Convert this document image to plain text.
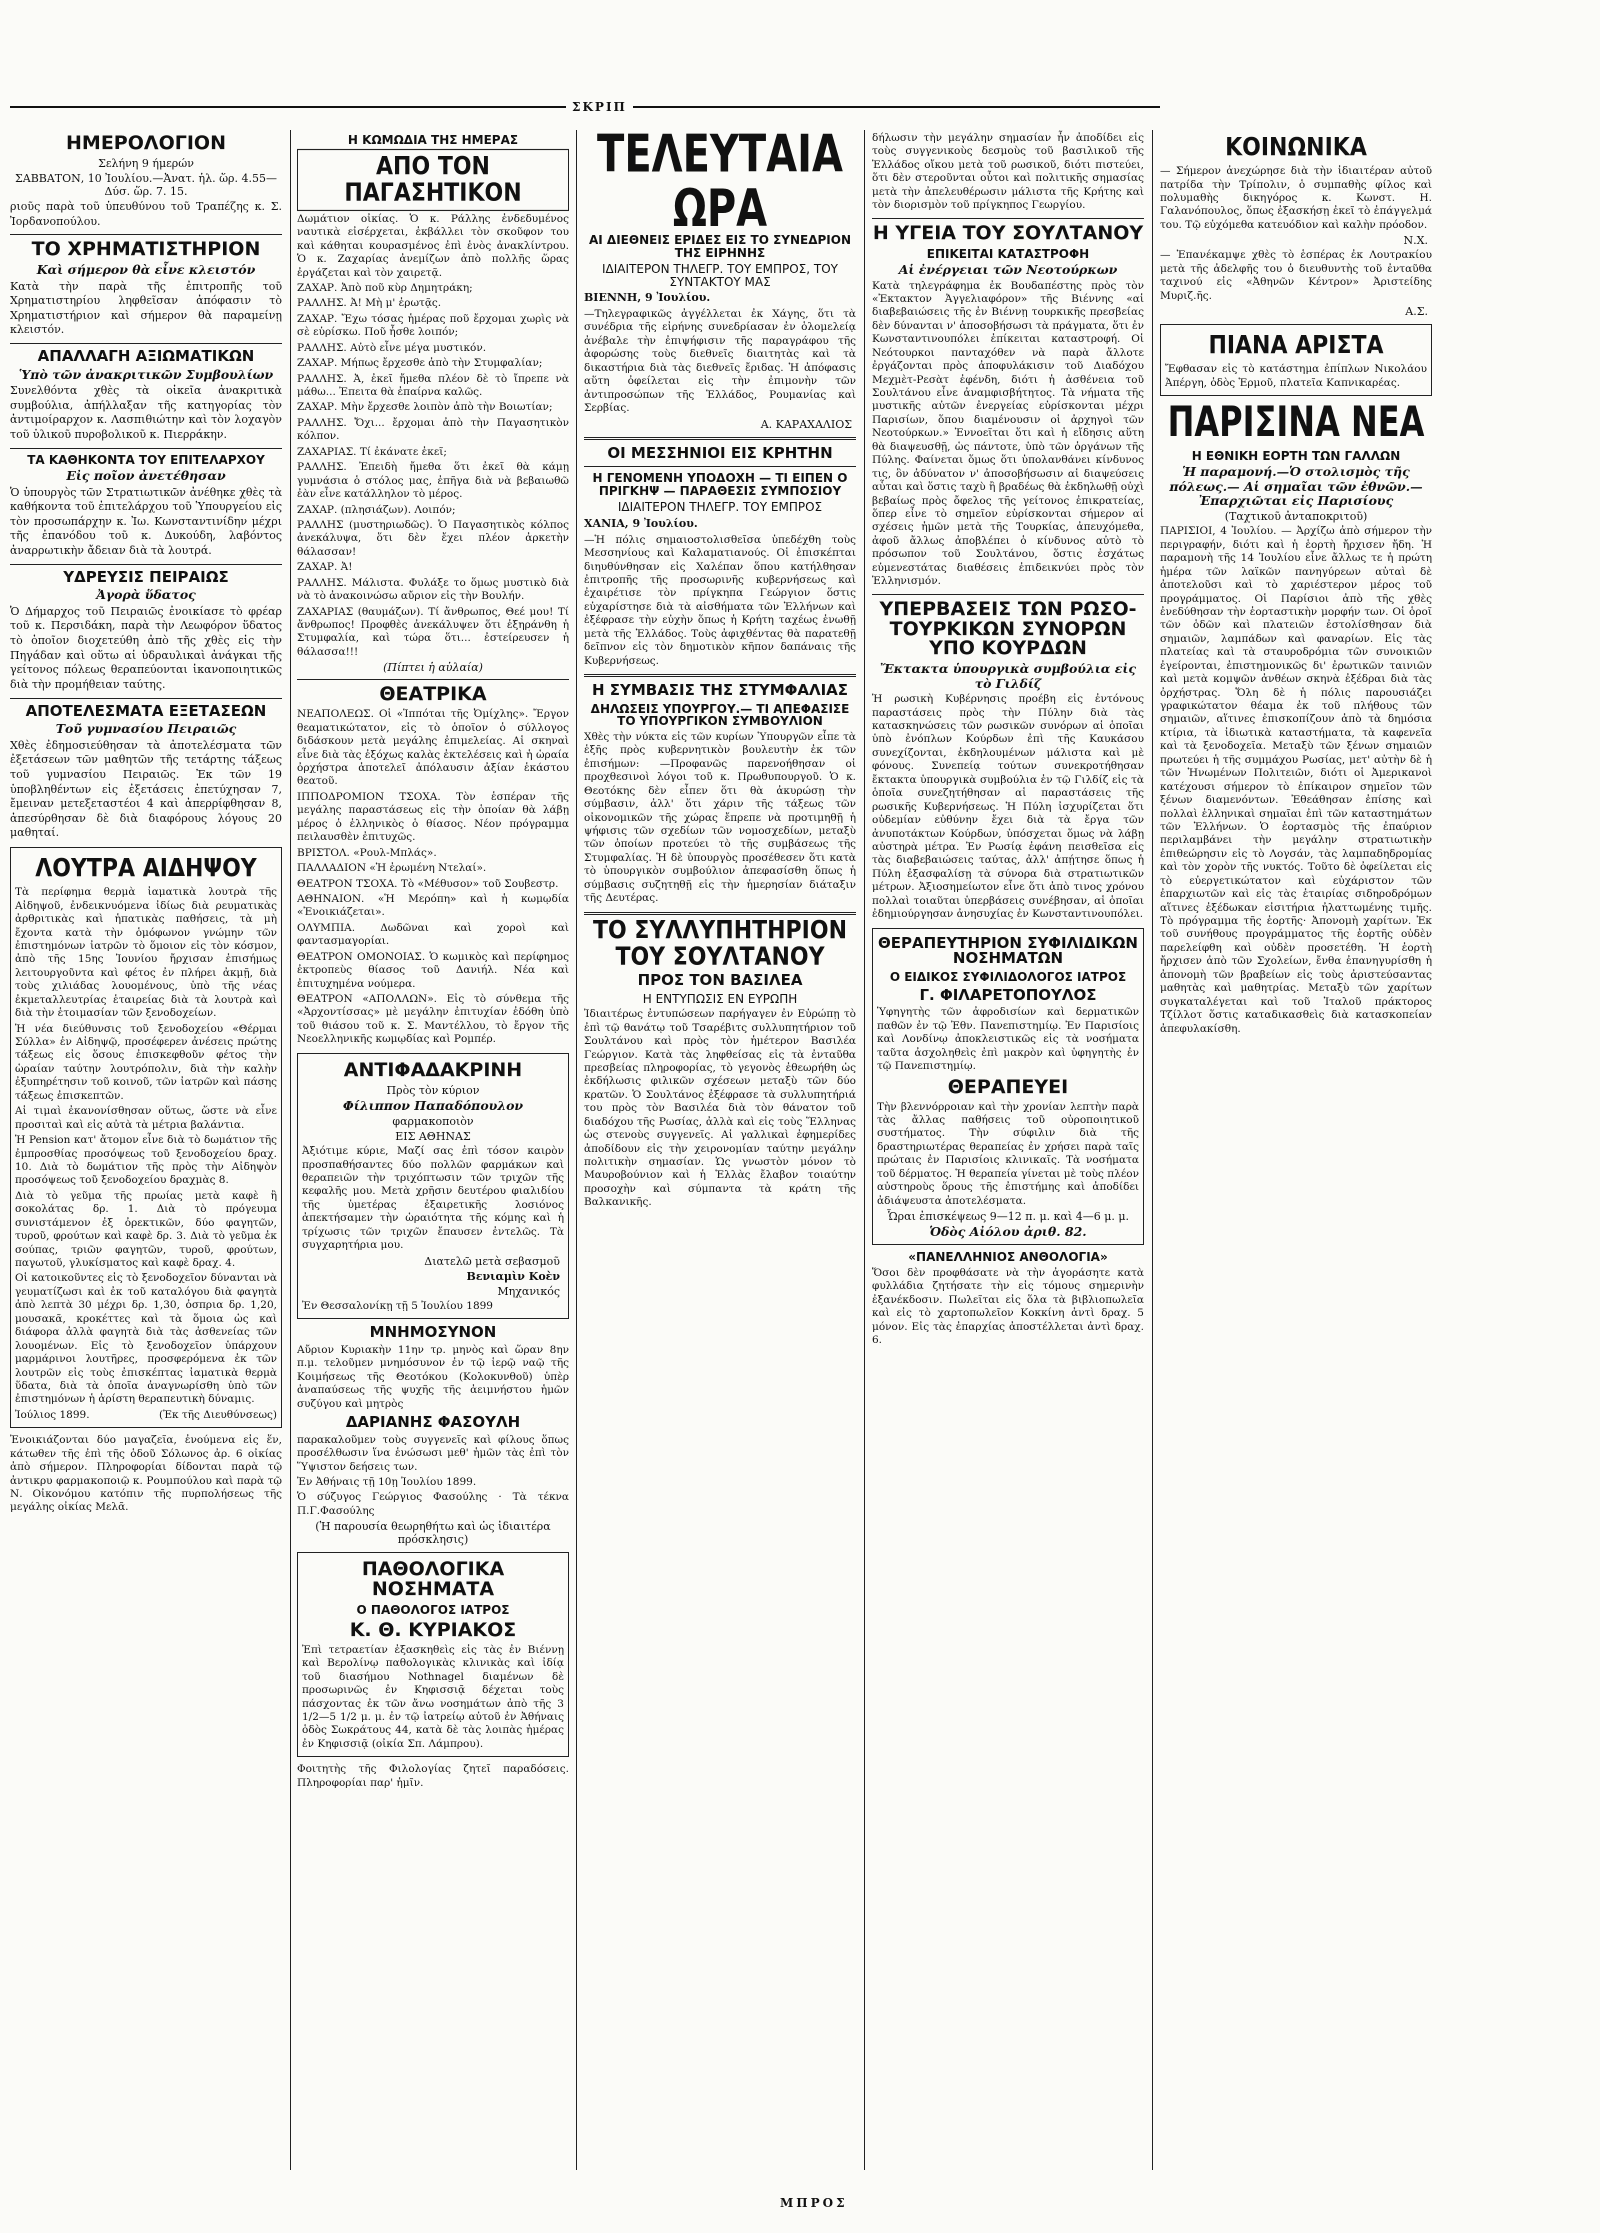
ΣΚΡΙΠ
ΗΜΕΡΟΛΟΓΙΟΝ
Σελήνη 9 ήμερών
ΣΑΒΒΑΤΟΝ, 10 Ἰουλίου.—Ἀνατ. ἡλ. ὥρ. 4.55—Δύσ. ὥρ. 7. 15.
ριοῦς παρὰ τοῦ ὑπευθύνου τοῦ Τραπέζης κ. Σ. Ἰορδανοπούλου.
ΤΟ ΧΡΗΜΑΤΙΣΤΗΡΙΟΝ
Καὶ σήμερον θὰ εἶνε κλειστόν
Κατὰ τὴν παρὰ τῆς ἐπιτροπῆς τοῦ Χρηματιστηρίου ληφθεῖσαν ἀπόφασιν τὸ Χρηματιστήριον καὶ σήμερον θὰ παραμείνῃ κλειστόν.
ΑΠΑΛΛΑΓΗ ΑΞΙΩΜΑΤΙΚΩΝ
Ὑπὸ τῶν ἀνακριτικῶν Συμβουλίων
Συνελθόντα χθὲς τὰ οἰκεῖα ἀνακριτικὰ συμβούλια, ἀπήλλαξαν τῆς κατηγορίας τὸν ἀντιμοίραρχον κ. Λασπιθιώτην καὶ τὸν λοχαγὸν τοῦ ὑλικοῦ πυροβολικοῦ κ. Πιερράκην.
ΤΑ ΚΑΘΗΚΟΝΤΑ ΤΟΥ ΕΠΙΤΕΛΑΡΧΟΥ
Εἰς ποῖον ἀνετέθησαν
Ὁ ὑπουργὸς τῶν Στρατιωτικῶν ἀνέθηκε χθὲς τὰ καθήκοντα τοῦ ἐπιτελάρχου τοῦ Ὑπουργείου εἰς τὸν προσωπάρχην κ. Ἰω. Κωνσταντινίδην μέχρι τῆς ἐπανόδου τοῦ κ. Δυκούδη, λαβόντος ἀναρρωτικὴν ἄδειαν διὰ τὰ λουτρά.
ΥΔΡΕΥΣΙΣ ΠΕΙΡΑΙΩΣ
Ἀγορὰ ὕδατος
Ὁ Δήμαρχος τοῦ Πειραιῶς ἐνοικίασε τὸ φρέαρ τοῦ κ. Περσιδάκη, παρὰ τὴν Λεωφόρον ὕδατος τὸ ὁποῖον διοχετεύθη ἀπὸ τῆς χθὲς εἰς τὴν Πηγάδαν καὶ οὕτω αἱ ὑδραυλικαὶ ἀνάγκαι τῆς γείτονος πόλεως θεραπεύονται ἱκανοποιητικῶς διὰ τὴν προμήθειαν ταύτης.
ΑΠΟΤΕΛΕΣΜΑΤΑ ΕΞΕΤΑΣΕΩΝ
Τοῦ γυμνασίου Πειραιῶς
Χθὲς ἐδημοσιεύθησαν τὰ ἀποτελέσματα τῶν ἐξετάσεων τῶν μαθητῶν τῆς τετάρτης τάξεως τοῦ γυμνασίου Πειραιῶς. Ἐκ τῶν 19 ὑποβληθέντων εἰς ἐξετάσεις ἐπετύχησαν 7, ἔμειναν μετεξεταστέοι 4 καὶ ἀπερρίφθησαν 8, ἀπεσύρθησαν δὲ διὰ διαφόρους λόγους 20 μαθηταί.
ΛΟΥΤΡΑ ΑΙΔΗΨΟΥ
Τὰ περίφημα θερμὰ ἰαματικὰ λουτρὰ τῆς Αἰδηψοῦ, ἐνδεικνυόμενα ἰδίως διὰ ρευματικὰς ἀρθριτικὰς καὶ ἡπατικὰς παθήσεις, τὰ μὴ ἔχοντα κατὰ τὴν ὁμόφωνον γνώμην τῶν ἐπιστημόνων ἰατρῶν τὸ ὅμοιον εἰς τὸν κόσμον, ἀπὸ τῆς 15ης Ἰουνίου ἤρχισαν ἐπισήμως λειτουργοῦντα καὶ φέτος ἐν πλήρει ἀκμῇ, διὰ τοὺς χιλιάδας λουομένους, ὑπὸ τῆς νέας ἐκμεταλλευτρίας ἑταιρείας διὰ τὰ λουτρὰ καὶ διὰ τὴν ἑτοιμασίαν τῶν ξενοδοχείων.
Ἡ νέα διεύθυνσις τοῦ ξενοδοχείου «Θέρμαι Σύλλα» ἐν Αἰδηψῷ, προσέφερεν ἀνέσεις πρώτης τάξεως εἰς ὅσους ἐπισκεφθοῦν φέτος τὴν ὡραίαν ταύτην λουτρόπολιν, διὰ τὴν καλὴν ἐξυπηρέτησιν τοῦ κοινοῦ, τῶν ἰατρῶν καὶ πάσης τάξεως ἐπισκεπτῶν.
Αἱ τιμαὶ ἐκανονίσθησαν οὕτως, ὥστε νὰ εἶνε προσιταὶ καὶ εἰς αὐτὰ τὰ μέτρια βαλάντια.
Ἡ Pension κατ' ἄτομον εἶνε διὰ τὸ δωμάτιον τῆς ἐμπροσθίας προσόψεως τοῦ ξενοδοχείου δραχ. 10. Διὰ τὸ δωμάτιον τῆς πρὸς τὴν Αἰδηψὸν προσόψεως τοῦ ξενοδοχείου δραχμὰς 8.
Διὰ τὸ γεῦμα τῆς πρωίας μετὰ καφὲ ἢ σοκολάτας δρ. 1. Διὰ τὸ πρόγευμα συνιστάμενον ἐξ ὀρεκτικῶν, δύο φαγητῶν, τυροῦ, φρούτων καὶ καφὲ δρ. 3. Διὰ τὸ γεῦμα ἐκ σούπας, τριῶν φαγητῶν, τυροῦ, φρούτων, παγωτοῦ, γλυκίσματος καὶ καφὲ δραχ. 4.
Οἱ κατοικοῦντες εἰς τὸ ξενοδοχεῖον δύνανται νὰ γευματίζωσι καὶ ἐκ τοῦ καταλόγου διὰ φαγητὰ ἀπὸ λεπτὰ 30 μέχρι δρ. 1,30, ὀσπρια δρ. 1,20, μουσακᾶ, κροκέττες καὶ τὰ ὅμοια ὡς καὶ διάφορα ἀλλὰ φαγητὰ διὰ τὰς ἀσθενείας τῶν λουομένων. Εἰς τὸ ξενοδοχεῖον ὑπάρχουν μαρμάρινοι λουτῆρες, προσφερόμενα ἐκ τῶν λουτρῶν εἰς τοὺς ἐπισκέπτας ἰαματικὰ θερμὰ ὕδατα, διὰ τὰ ὁποῖα ἀναγνωρίσθη ὑπὸ τῶν ἐπιστημόνων ἡ ἀρίστη θεραπευτικὴ δύναμις.
Ἰούλιος 1899.	(Ἐκ τῆς Διευθύνσεως)
Ἐνοικιάζονται δύο μαγαζεῖα, ἐνούμενα εἰς ἕν, κάτωθεν τῆς ἐπὶ τῆς ὁδοῦ Σόλωνος ἀρ. 6 οἰκίας ἀπὸ σήμερον. Πληροφορίαι δίδονται παρὰ τῷ ἀντικρυ φαρμακοποιῷ κ. Ρουμπούλου καὶ παρὰ τῷ Ν. Οἰκονόμου κατόπιν τῆς πυρπολήσεως τῆς μεγάλης οἰκίας Μελᾶ.
Η ΚΩΜΩΔΙΑ ΤΗΣ ΗΜΕΡΑΣ
ΑΠΟ ΤΟΝ ΠΑΓΑΣΗΤΙΚΟΝ
Δωμάτιον οἰκίας. Ὁ κ. Ράλλης ἐνδεδυμένος ναυτικὰ εἰσέρχεται, ἐκβάλλει τὸν σκοῦφον του καὶ κάθηται κουρασμένος ἐπὶ ἑνὸς ἀνακλίντρου. Ὁ κ. Ζαχαρίας ἀνεμίζων ἀπὸ πολλῆς ὥρας ἐργάζεται καὶ τὸν χαιρετᾷ.
ΖΑΧΑΡ. Ἀπὸ ποῦ κὺρ Δημητράκη;
ΡΑΛΛΗΣ. Ἀ! Μὴ μ' ἐρωτᾷς.
ΖΑΧΑΡ. Ἔχω τόσας ἡμέρας ποῦ ἔρχομαι χωρὶς νὰ σὲ εὑρίσκω. Ποῦ ἦσθε λοιπόν;
ΡΑΛΛΗΣ. Αὐτὸ εἶνε μέγα μυστικόν.
ΖΑΧΑΡ. Μήπως ἔρχεσθε ἀπὸ τὴν Στυμφαλίαν;
ΡΑΛΛΗΣ. Ἀ, ἐκεῖ ἤμεθα πλέον δὲ τὸ ἴπρεπε νὰ μάθω... Ἐπειτα θὰ ἐπαίρνα καλῶς.
ΖΑΧΑΡ. Μὴν ἔρχεσθε λοιπὸν ἀπὸ τὴν Βοιωτίαν;
ΡΑΛΛΗΣ. Ὄχι... ἔρχομαι ἀπὸ τὴν Παγασητικὸν κόλπον.
ΖΑΧΑΡΙΑΣ. Τί ἐκάνατε ἐκεῖ;
ΡΑΛΛΗΣ. Ἐπειδὴ ἤμεθα ὅτι ἐκεῖ θὰ κάμῃ γυμνάσια ὁ στόλος μας, ἐπῆγα διὰ νὰ βεβαιωθῶ ἐὰν εἶνε κατάλληλον τὸ μέρος.
ΖΑΧΑΡ. (πλησιάζων). Λοιπόν;
ΡΑΛΛΗΣ (μυστηριωδῶς). Ὁ Παγασητικὸς κόλπος ἀνεκάλυψα, ὅτι δὲν ἔχει πλέον ἀρκετὴν θάλασσαν!
ΖΑΧΑΡ. Ἀ!
ΡΑΛΛΗΣ. Μάλιστα. Φυλάξε το ὅμως μυστικὸ διὰ νὰ τὸ ἀνακοινώσω αὔριον εἰς τὴν Βουλήν.
ΖΑΧΑΡΙΑΣ (θαυμάζων). Τί ἄνθρωπος, Θεέ μου! Τί ἄνθρωπος! Προφθὲς ἀνεκάλυψεν ὅτι ἐξηράνθη ἡ Στυμφαλία, καὶ τώρα ὅτι... ἐστείρευσεν ἡ θάλασσα!!!
(Πίπτει ἡ αὐλαία)
ΘΕΑΤΡΙΚΑ
ΝΕΑΠΟΛΕΩΣ. Οἱ «Ἱππόται τῆς Ὀμίχλης». Ἔργον θεαματικώτατον, εἰς τὸ ὁποῖον ὁ σύλλογος διδάσκουν μετὰ μεγάλης ἐπιμελείας. Αἱ σκηναὶ εἶνε διὰ τὰς ἐξόχως καλὰς ἐκτελέσεις καὶ ἡ ὡραία ὀρχήστρα ἀποτελεῖ ἀπόλαυσιν ἀξίαν ἑκάστου θεατοῦ.
ΙΠΠΟΔΡΟΜΙΟΝ ΤΣΟΧΑ. Τὸν ἑσπέραν τῆς μεγάλης παραστάσεως εἰς τὴν ὁποίαν θὰ λάβῃ μέρος ὁ ἐλληνικὸς ὁ θίασος. Νέον πρόγραμμα πειλαυσθὲν ἐπιτυχῶς.
ΒΡΙΣΤΟΛ. «Ρουλ-Μπλάς».
ΠΑΛΛΑΔΙΟΝ «Ἡ ἐρωμένη Ντελαί».
ΘΕΑΤΡΟΝ ΤΣΟΧΑ. Τὸ «Μέθυσον» τοῦ Σουβεστρ.
ΑΘΗΝΑΙΟΝ. «Ἡ Μερόπη» καὶ ἡ κωμῳδία «Ἐνοικιάζεται».
ΟΛΥΜΠΙΑ. Δωδῶναι καὶ χοροὶ καὶ φαντασμαγορίαι.
ΘΕΑΤΡΟΝ ΟΜΟΝΟΙΑΣ. Ὁ κωμικὸς καὶ περίφημος ἐκτροπεὺς θίασος τοῦ Δανιήλ. Νέα καὶ ἐπιτυχημένα νούμερα.
ΘΕΑΤΡΟΝ «ΑΠΟΛΛΩΝ». Εἰς τὸ σύνθεμα τῆς «Ἀρχοντίσσας» μὲ μεγάλην ἐπιτυχίαν ἐδόθη ὑπὸ τοῦ θιάσου τοῦ κ. Σ. Μαντέλλου, τὸ ἔργον τῆς Νεοελληνικῆς κωμῳδίας καὶ Ρομπέρ.
ΑΝΤΙΦΑΔΑΚΡΙΝΗ
Πρὸς τὸν κύριον
Φίλιππον Παπαδόπουλον
φαρμακοποιὸν
ΕΙΣ ΑΘΗΝΑΣ
Ἀξιότιμε κύριε, Μαζί σας ἐπὶ τόσον καιρὸν προσπαθήσαντες δύο πολλῶν φαρμάκων καὶ θεραπειῶν τὴν τριχόπτωσιν τῶν τριχῶν τῆς κεφαλῆς μου. Μετὰ χρῆσιν δευτέρου φιαλιδίου τῆς ὑμετέρας ἐξαιρετικῆς λοσιόνος ἀπεκτήσαμεν τὴν ὡραιότητα τῆς κόμης καὶ ἡ τρίχωσις τῶν τριχῶν ἔπαυσεν ἐντελῶς. Τὰ συγχαρητήρια μου.
Διατελῶ μετὰ σεβασμοῦ
Βενιαμὶν Κοὲν
Μηχανικός
Ἐν Θεσσαλονίκῃ τῇ 5 Ἰουλίου 1899
ΜΝΗΜΟΣΥΝΟΝ
Αὔριον Κυριακὴν 11ην τρ. μηνὸς καὶ ὥραν 8ην π.μ. τελοῦμεν μνημόσυνον ἐν τῷ ἱερῷ ναῷ τῆς Κοιμήσεως τῆς Θεοτόκου (Κολοκυνθοῦ) ὑπὲρ ἀναπαύσεως τῆς ψυχῆς τῆς ἀειμνήστου ἡμῶν συζύγου καὶ μητρὸς
ΔΑΡΙΑΝΗΣ ΦΑΣΟΥΛΗ
παρακαλοῦμεν τοὺς συγγενεῖς καὶ φίλους ὅπως προσέλθωσιν ἵνα ἑνώσωσι μεθ' ἡμῶν τὰς ἐπὶ τὸν Ὕψιστον δεήσεις των.
Ἐν Ἀθήναις τῇ 10ῃ Ἰουλίου 1899.
Ὁ σύζυγος Γεώργιος Φασούλης · Τὰ τέκνα Π.Γ.Φασούλης
(Ἡ παρουσία θεωρηθήτω καὶ ὡς ἰδιαιτέρα πρόσκλησις)
ΠΑΘΟΛΟΓΙΚΑ ΝΟΣΗΜΑΤΑ
Ο ΠΑΘΟΛΟΓΟΣ ΙΑΤΡΟΣ
Κ. Θ. ΚΥΡΙΑΚΟΣ
Ἐπὶ τετραετίαν ἐξασκηθεὶς εἰς τὰς ἐν Βιέννῃ καὶ Βερολίνῳ παθολογικὰς κλινικὰς καὶ ἰδίᾳ τοῦ διασήμου Nothnagel διαμένων δὲ προσωρινῶς ἐν Κηφισσιᾷ δέχεται τοὺς πάσχοντας ἐκ τῶν ἄνω νοσημάτων ἀπὸ τῆς 3 1/2—5 1/2 μ. μ. ἐν τῷ ἰατρείῳ αὐτοῦ ἐν Ἀθήναις ὁδὸς Σωκράτους 44, κατὰ δὲ τὰς λοιπὰς ἡμέρας ἐν Κηφισσιᾷ (οἰκία Σπ. Λάμπρου).
Φοιτητὴς τῆς Φιλολογίας ζητεῖ παραδόσεις. Πληροφορίαι παρ' ἡμῖν.
ΤΕΛΕΥΤΑΙΑ ΩΡΑ
ΑΙ ΔΙΕΘΝΕΙΣ ΕΡΙΔΕΣ ΕΙΣ ΤΟ ΣΥΝΕΔΡΙΟΝ ΤΗΣ ΕΙΡΗΝΗΣ
ΙΔΙΑΙΤΕΡΟΝ ΤΗΛΕΓΡ. ΤΟΥ ΕΜΠΡΟΣ, ΤΟΥ ΣΥΝΤΑΚΤΟΥ ΜΑΣ
ΒΙΕΝΝΗ, 9 Ἰουλίου.
—Τηλεγραφικῶς ἀγγέλλεται ἐκ Χάγης, ὅτι τὰ συνέδρια τῆς εἰρήνης συνεδρίασαν ἐν ὁλομελείᾳ ἀνέβαλε τὴν ἐπιψήφισιν τῆς παραγράφου τῆς ἀφορώσης τοὺς διεθνεῖς διαιτητὰς καὶ τὰ δικαστήρια διὰ τὰς διεθνεῖς ἔριδας. Ἡ ἀπόφασις αὕτη ὀφείλεται εἰς τὴν ἐπιμονὴν τῶν ἀντιπροσώπων τῆς Ἑλλάδος, Ρουμανίας καὶ Σερβίας.
Α. ΚΑΡΑΧΑΛΙΟΣ
ΟΙ ΜΕΣΣΗΝΙΟΙ ΕΙΣ ΚΡΗΤΗΝ
Η ΓΕΝΟΜΕΝΗ ΥΠΟΔΟΧΗ — ΤΙ ΕΙΠΕΝ Ο ΠΡΙΓΚΗΨ — ΠΑΡΑΘΕΣΙΣ ΣΥΜΠΟΣΙΟΥ
ΙΔΙΑΙΤΕΡΟΝ ΤΗΛΕΓΡ. ΤΟΥ ΕΜΠΡΟΣ
ΧΑΝΙΑ, 9 Ἰουλίου.
—Ἡ πόλις σημαιοστολισθεῖσα ὑπεδέχθη τοὺς Μεσσηνίους καὶ Καλαματιανούς. Οἱ ἐπισκέπται διηυθύνθησαν εἰς Χαλέπαν ὅπου κατήλθησαν ἐπιτροπῆς τῆς προσωρινῆς κυβερνήσεως καὶ ἐχαιρέτισε τὸν πρίγκηπα Γεώργιον ὅστις εὐχαρίστησε διὰ τὰ αἰσθήματα τῶν Ἑλλήνων καὶ ἐξέφρασε τὴν εὐχὴν ὅπως ἡ Κρήτη ταχέως ἑνωθῇ μετὰ τῆς Ἑλλάδος. Τοὺς ἀφιχθέντας θὰ παρατεθῇ δεῖπνον εἰς τὸν δημοτικὸν κῆπον δαπάναις τῆς Κυβερνήσεως.
Η ΣΥΜΒΑΣΙΣ ΤΗΣ ΣΤΥΜΦΑΛΙΑΣ
ΔΗΛΩΣΕΙΣ ΥΠΟΥΡΓΟΥ.— ΤΙ ΑΠΕΦΑΣΙΣΕ ΤΟ ΥΠΟΥΡΓΙΚΟΝ ΣΥΜΒΟΥΛΙΟΝ
Χθὲς τὴν νύκτα εἰς τῶν κυρίων Ὑπουργῶν εἶπε τὰ ἑξῆς πρὸς κυβερνητικὸν βουλευτὴν ἐκ τῶν ἐπισήμων: —Προφανῶς παρενοήθησαν οἱ προχθεσινοὶ λόγοι τοῦ κ. Πρωθυπουργοῦ. Ὁ κ. Θεοτόκης δὲν εἶπεν ὅτι θὰ ἀκυρώσῃ τὴν σύμβασιν, ἀλλ' ὅτι χάριν τῆς τάξεως τῶν οἰκονομικῶν τῆς χώρας ἔπρεπε νὰ προτιμηθῇ ἡ ψήφισις τῶν σχεδίων τῶν νομοσχεδίων, μεταξὺ τῶν ὁποίων προτεύει τὸ τῆς συμβάσεως τῆς Στυμφαλίας. Ἡ δὲ ὑπουργὸς προσέθεσεν ὅτι κατὰ τὸ ὑπουργικὸν συμβούλιον ἀπεφασίσθη ὅπως ἡ σύμβασις συζητηθῇ εἰς τὴν ἡμερησίαν διάταξιν τῆς Δευτέρας.
ΤΟ ΣΥΛΛΥΠΗΤΗΡΙΟΝ ΤΟΥ ΣΟΥΛΤΑΝΟΥ
ΠΡΟΣ ΤΟΝ ΒΑΣΙΛΕΑ
Η ΕΝΤΥΠΩΣΙΣ ΕΝ ΕΥΡΩΠΗ
Ἰδιαιτέρως ἐντυπώσεων παρήγαγεν ἐν Εὐρώπῃ τὸ ἐπὶ τῷ θανάτῳ τοῦ Τσαρέβιτς συλλυπητήριον τοῦ Σουλτάνου καὶ πρὸς τὸν ἡμέτερον Βασιλέα Γεώργιον. Κατὰ τὰς ληφθείσας εἰς τὰ ἐνταῦθα πρεσβείας πληροφορίας, τὸ γεγονὸς ἐθεωρήθη ὡς ἐκδήλωσις φιλικῶν σχέσεων μεταξὺ τῶν δύο κρατῶν. Ὁ Σουλτάνος ἐξέφρασε τὰ συλλυπητήριά του πρὸς τὸν Βασιλέα διὰ τὸν θάνατον τοῦ διαδόχου τῆς Ρωσίας, ἀλλὰ καὶ εἰς τοὺς Ἕλληνας ὡς στενοὺς συγγενεῖς. Αἱ γαλλικαὶ ἐφημερίδες ἀποδίδουν εἰς τὴν χειρονομίαν ταύτην μεγάλην πολιτικὴν σημασίαν. Ὡς γνωστὸν μόνον τὸ Μαυροβούνιον καὶ ἡ Ἑλλὰς ἔλαβον τοιαύτην προσοχὴν καὶ σύμπαντα τὰ κράτη τῆς Βαλκανικῆς.
δήλωσιν τὴν μεγάλην σημασίαν ἦν ἀποδίδει εἰς τοὺς συγγενικοὺς δεσμοὺς τοῦ βασιλικοῦ τῆς Ἑλλάδος οἴκου μετὰ τοῦ ρωσικοῦ, διότι πιστεύει, ὅτι δὲν στεροῦνται οὗτοι καὶ πολιτικῆς σημασίας μετὰ τὴν ἀπελευθέρωσιν μάλιστα τῆς Κρήτης καὶ τὸν διορισμὸν τοῦ πρίγκηπος Γεωργίου.
Η ΥΓΕΙΑ ΤΟΥ ΣΟΥΛΤΑΝΟΥ
ΕΠΙΚΕΙΤΑΙ ΚΑΤΑΣΤΡΟΦΗ
Αἱ ἐνέργειαι τῶν Νεοτούρκων
Κατὰ τηλεγράφημα ἐκ Βουδαπέστης πρὸς τὸν «Ἐκτακτον Ἀγγελιαφόρον» τῆς Βιέννης «αἱ διαβεβαιώσεις τῆς ἐν Βιέννῃ τουρκικῆς πρεσβείας δὲν δύνανται ν' ἀποσοβήσωσι τὰ πράγματα, ὅτι ἐν Κωνσταντινουπόλει ἐπίκειται καταστροφή. Οἱ Νεότουρκοι πανταχόθεν νὰ παρὰ ἄλλοτε ἐργάζονται πρὸς ἀποφυλάκισιν τοῦ Διαδόχου Μεχμὲτ-Ρεσὰτ ἐφένδη, διότι ἡ ἀσθένεια τοῦ Σουλτάνου εἶνε ἀναμφισβήτητος. Τὰ νήματα τῆς μυστικῆς αὐτῶν ἐνεργείας εὑρίσκονται μέχρι Παρισίων, ὅπου διαμένουσιν οἱ ἀρχηγοὶ τῶν Νεοτούρκων.» Ἐννοεῖται ὅτι καὶ ἡ εἴδησις αὕτη θὰ διαψευσθῇ, ὡς πάντοτε, ὑπὸ τῶν ὀργάνων τῆς Πύλης. Φαίνεται ὅμως ὅτι ὑπολανθάνει κίνδυνος τις, ὃν ἀδύνατον ν' ἀποσοβήσωσιν αἱ διαψεύσεις αὗται καὶ ὅστις ταχὺ ἢ βραδέως θὰ ἐκδηλωθῇ οὐχὶ βεβαίως πρὸς ὄφελος τῆς γείτονος ἐπικρατείας, ὅπερ εἶνε τὸ σημεῖον εὑρίσκονται σήμερον αἱ σχέσεις ἡμῶν μετὰ τῆς Τουρκίας, ἀπευχόμεθα, ἀφοῦ ἄλλως ἀποβλέπει ὁ κίνδυνος αὐτὸ τὸ πρόσωπον τοῦ Σουλτάνου, ὅστις ἐσχάτως εὐμενεστάτας διαθέσεις ἐπιδεικνύει πρὸς τὸν Ἑλληνισμόν.
ΥΠΕΡΒΑΣΕΙΣ ΤΩΝ ΡΩΣΟ-ΤΟΥΡΚΙΚΩΝ ΣΥΝΟΡΩΝ ΥΠΟ ΚΟΥΡΔΩΝ
Ἔκτακτα ὑπουργικὰ συμβούλια εἰς τὸ Γιλδίζ
Ἡ ρωσικὴ Κυβέρνησις προέβη εἰς ἐντόνους παραστάσεις πρὸς τὴν Πύλην διὰ τὰς κατασκηνώσεις τῶν ρωσικῶν συνόρων αἱ ὁποῖαι ὑπὸ ἐνόπλων Κούρδων ἐπὶ τῆς Καυκάσου συνεχίζονται, ἐκδηλουμένων μάλιστα καὶ μὲ φόνους. Συνεπείᾳ τούτων συνεκροτήθησαν ἔκτακτα ὑπουργικὰ συμβούλια ἐν τῷ Γιλδίζ εἰς τὰ ὁποῖα συνεζητήθησαν αἱ παραστάσεις τῆς ρωσικῆς Κυβερνήσεως. Ἡ Πύλη ἰσχυρίζεται ὅτι οὐδεμίαν εὐθύνην ἔχει διὰ τὰ ἔργα τῶν ἀνυποτάκτων Κούρδων, ὑπόσχεται ὅμως νὰ λάβῃ αὐστηρὰ μέτρα. Ἐν Ρωσίᾳ ἐφάνη πεισθεῖσα εἰς τὰς διαβεβαιώσεις ταύτας, ἀλλ' ἀπῄτησε ὅπως ἡ Πύλη ἐξασφαλίσῃ τὰ σύνορα διὰ στρατιωτικῶν μέτρων. Ἀξιοσημείωτον εἶνε ὅτι ἀπὸ τινος χρόνου πολλαὶ τοιαῦται ὑπερβάσεις συνέβησαν, αἱ ὁποῖαι ἐδημιούργησαν ἀνησυχίας ἐν Κωνσταντινουπόλει.
ΘΕΡΑΠΕΥΤΗΡΙΟΝ ΣΥΦΙΛΙΔΙΚΩΝ ΝΟΣΗΜΑΤΩΝ
Ο ΕΙΔΙΚΟΣ ΣΥΦΙΛΙΔΟΛΟΓΟΣ ΙΑΤΡΟΣ
Γ. ΦΙΛΑΡΕΤΟΠΟΥΛΟΣ
Ὑφηγητὴς τῶν ἀφροδισίων καὶ δερματικῶν παθῶν ἐν τῷ Ἐθν. Πανεπιστημίῳ. Ἐν Παρισίοις καὶ Λονδίνῳ ἀποκλειστικῶς εἰς τὰ νοσήματα ταῦτα ἀσχοληθεὶς ἐπὶ μακρὸν καὶ ὑφηγητὴς ἐν τῷ Πανεπιστημίῳ.
ΘΕΡΑΠΕΥΕΙ
Τὴν βλεννόρροιαν καὶ τὴν χρονίαν λεπτὴν παρὰ τὰς ἄλλας παθήσεις τοῦ οὐροποιητικοῦ συστήματος. Τὴν σύφιλιν διὰ τῆς δραστηριωτέρας θεραπείας ἐν χρήσει παρὰ ταῖς πρώταις ἐν Παρισίοις κλινικαῖς. Τὰ νοσήματα τοῦ δέρματος. Ἡ θεραπεία γίνεται μὲ τοὺς πλέον αὐστηροὺς ὅρους τῆς ἐπιστήμης καὶ ἀποδίδει ἀδιάψευστα ἀποτελέσματα.
Ὧραι ἐπισκέψεως 9—12 π. μ. καὶ 4—6 μ. μ.
Ὁδὸς Αἰόλου ἀριθ. 82.
«ΠΑΝΕΛΛΗΝΙΟΣ ΑΝΘΟΛΟΓΙΑ»
Ὅσοι δὲν προφθάσατε νὰ τὴν ἀγοράσητε κατὰ φυλλάδια ζητήσατε τὴν εἰς τόμους σημερινὴν ἐξανέκδοσιν. Πωλεῖται εἰς ὅλα τὰ βιβλιοπωλεῖα καὶ εἰς τὸ χαρτοπωλεῖον Κοκκίνη ἀντὶ δραχ. 5 μόνον. Εἰς τὰς ἐπαρχίας ἀποστέλλεται ἀντὶ δραχ. 6.
ΚΟΙΝΩΝΙΚΑ
— Σήμερον ἀνεχώρησε διὰ τὴν ἰδιαιτέραν αὐτοῦ πατρίδα τὴν Τρίπολιν, ὁ συμπαθὴς φίλος καὶ πολυμαθὴς δικηγόρος κ. Κωνστ. Η. Γαλανόπουλος, ὅπως ἐξασκήσῃ ἐκεῖ τὸ ἐπάγγελμά του. Τῷ εὐχόμεθα κατευόδιον καὶ καλὴν πρόοδον.
Ν.Χ.
— Ἐπανέκαμψε χθὲς τὸ ἑσπέρας ἐκ Λουτρακίου μετὰ τῆς ἀδελφῆς του ὁ διευθυντὴς τοῦ ἐνταῦθα ταχινού εἰς «Ἀθηνῶν Κέντρον» Ἀριστείδης Μυριζ.ῆς.
Α.Σ.
ΠΙΑΝΑ ΑΡΙΣΤΑ
Ἔφθασαν εἰς τὸ κατάστημα ἐπίπλων Νικολάου Ἀπέργη, ὁδὸς Ἑρμοῦ, πλατεῖα Καπνικαρέας.
ΠΑΡΙΣΙΝΑ ΝΕΑ
Η ΕΘΝΙΚΗ ΕΟΡΤΗ ΤΩΝ ΓΑΛΛΩΝ
Ἡ παραμονή.—Ὁ στολισμὸς τῆς πόλεως.— Αἱ σημαῖαι τῶν ἐθνῶν.—Ἐπαρχιῶται εἰς Παρισίους
(Ταχτικοῦ ἀνταποκριτοῦ)
ΠΑΡΙΣΙΟΙ, 4 Ἰουλίου. — Ἀρχίζω ἀπὸ σήμερον τὴν περιγραφήν, διότι καὶ ἡ ἑορτὴ ἤρχισεν ἤδη. Ἡ παραμονὴ τῆς 14 Ἰουλίου εἶνε ἄλλως τε ἡ πρώτη ἡμέρα τῶν λαϊκῶν πανηγύρεων αὐταὶ δὲ ἀποτελοῦσι καὶ τὸ χαριέστερον μέρος τοῦ προγράμματος. Οἱ Παρίσιοι ἀπὸ τῆς χθὲς ἐνεδύθησαν τὴν ἑορταστικὴν μορφήν των. Οἱ ὁροῖ τῶν ὁδῶν καὶ πλατειῶν ἐστολίσθησαν διὰ σημαιῶν, λαμπάδων καὶ φαναρίων. Εἰς τὰς πλατείας καὶ τὰ σταυροδρόμια τῶν συνοικιῶν ἐγείρονται, ἐπιστημονικῶς δι' ἐρωτικῶν ταινιῶν καὶ μετὰ κομψῶν ἀνθέων σκηνὰ ἐξέδραι διὰ τὰς ὀρχήστρας. Ὅλη δὲ ἡ πόλις παρουσιάζει γραφικώτατον θέαμα ἐκ τοῦ πλήθους τῶν σημαιῶν, αἵτινες ἐπισκοπίζουν ἀπὸ τὰ δημόσια κτίρια, τὰ ἰδιωτικὰ καταστήματα, τὰ καφενεῖα καὶ τὰ ξενοδοχεῖα. Μεταξὺ τῶν ξένων σημαιῶν πρωτεύει ἡ τῆς συμμάχου Ρωσίας, μετ' αὐτὴν δὲ ἡ τῶν Ἡνωμένων Πολιτειῶν, διότι οἱ Ἀμερικανοὶ κατέχουσι σήμερον τὸ ἐπίκαιρον σημεῖον τῶν ξένων διαμενόντων. Ἐθεάθησαν ἐπίσης καὶ πολλαὶ ἑλληνικαὶ σημαῖαι ἐπὶ τῶν καταστημάτων τῶν Ἑλλήνων. Ὁ ἑορτασμὸς τῆς ἐπαύριον περιλαμβάνει τὴν μεγάλην στρατιωτικὴν ἐπιθεώρησιν εἰς τὸ Λογσάν, τὰς λαμπαδηδρομίας καὶ τὸν χορὸν τῆς νυκτός. Τοῦτο δὲ ὀφείλεται εἰς τὸ εὐεργετικώτατον καὶ εὐχάριστον τῶν ἐπαρχιωτῶν καὶ εἰς τὰς ἑταιρίας σιδηροδρόμων αἵτινες ἐξέδωκαν εἰσιτήρια ἠλαττωμένης τιμῆς. Τὸ πρόγραμμα τῆς ἑορτῆς· Ἀπονομὴ χαρίτων. Ἐκ τοῦ συνήθους προγράμματος τῆς ἑορτῆς οὐδὲν παρελείφθη καὶ οὐδὲν προσετέθη. Ἡ ἑορτὴ ἤρχισεν ἀπὸ τῶν Σχολείων, ἔνθα ἐπανηγυρίσθη ἡ ἀπονομὴ τῶν βραβείων εἰς τοὺς ἀριστεύσαντας μαθητὰς καὶ μαθητρίας. Μεταξὺ τῶν χαρίτων συγκαταλέγεται καὶ τοῦ Ἰταλοῦ πράκτορος Τζίλλοτ ὅστις καταδικασθεὶς διὰ κατασκοπείαν ἀπεφυλακίσθη.
ΜΠΡΟΣ
